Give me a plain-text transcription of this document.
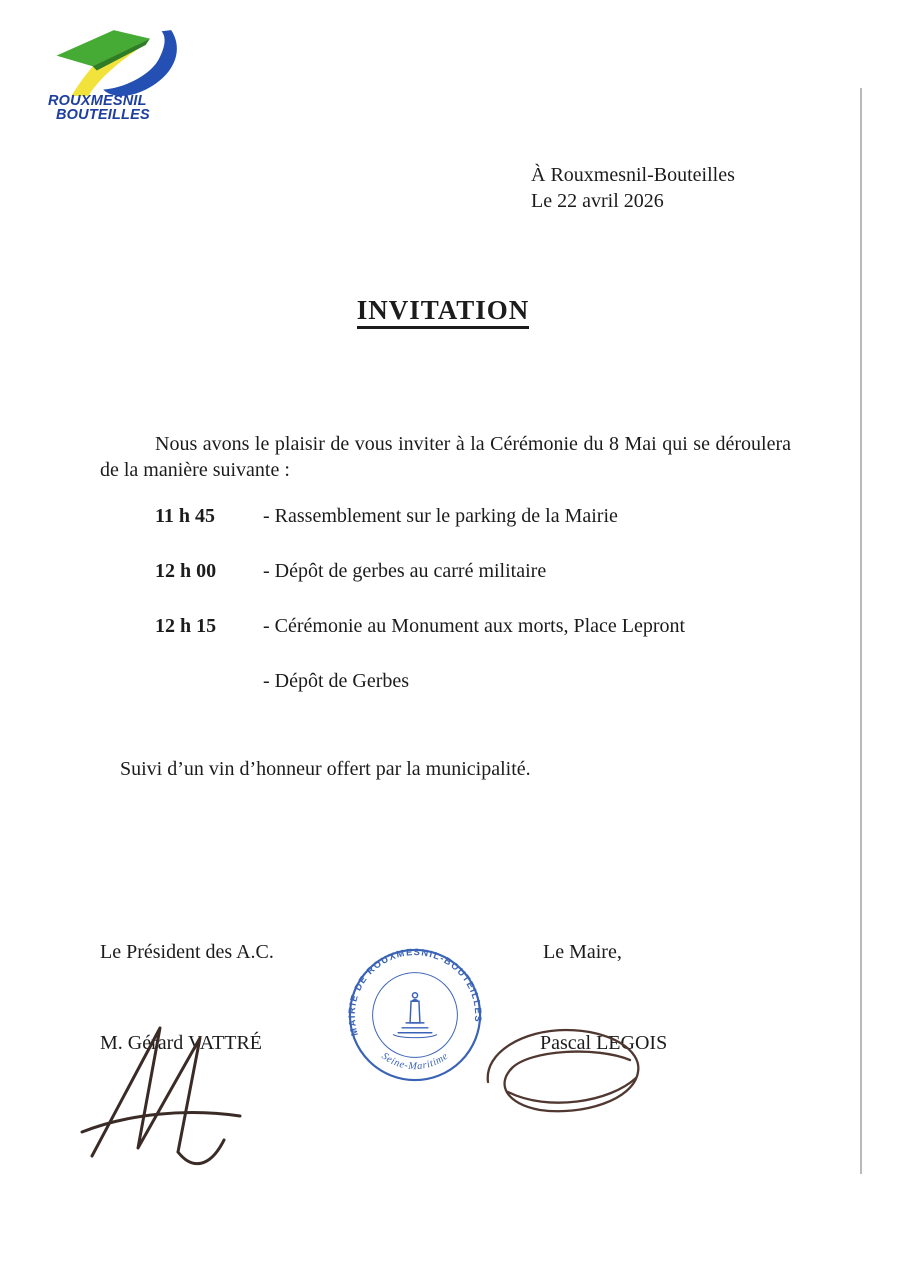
ROUXMESNIL
BOUTEILLES
À Rouxmesnil-Bouteilles
Le 22 avril 2026
INVITATION

Nous avons le plaisir de vous inviter à la Cérémonie du 8 Mai qui se déroulera de la manière suivante :

11 h 45	- Rassemblement sur le parking de la Mairie
12 h 00	- Dépôt de gerbes au carré militaire
12 h 15	- Cérémonie au Monument aux morts, Place Lepront
- Dépôt de Gerbes

Suivi d’un vin d’honneur offert par la municipalité.

Le Président des A.C.	Le Maire,
M. Gérard VATTRÉ	Pascal LEGOIS
MAIRIE DE ROUXMESNIL-BOUTEILLES
Seine-Maritime
